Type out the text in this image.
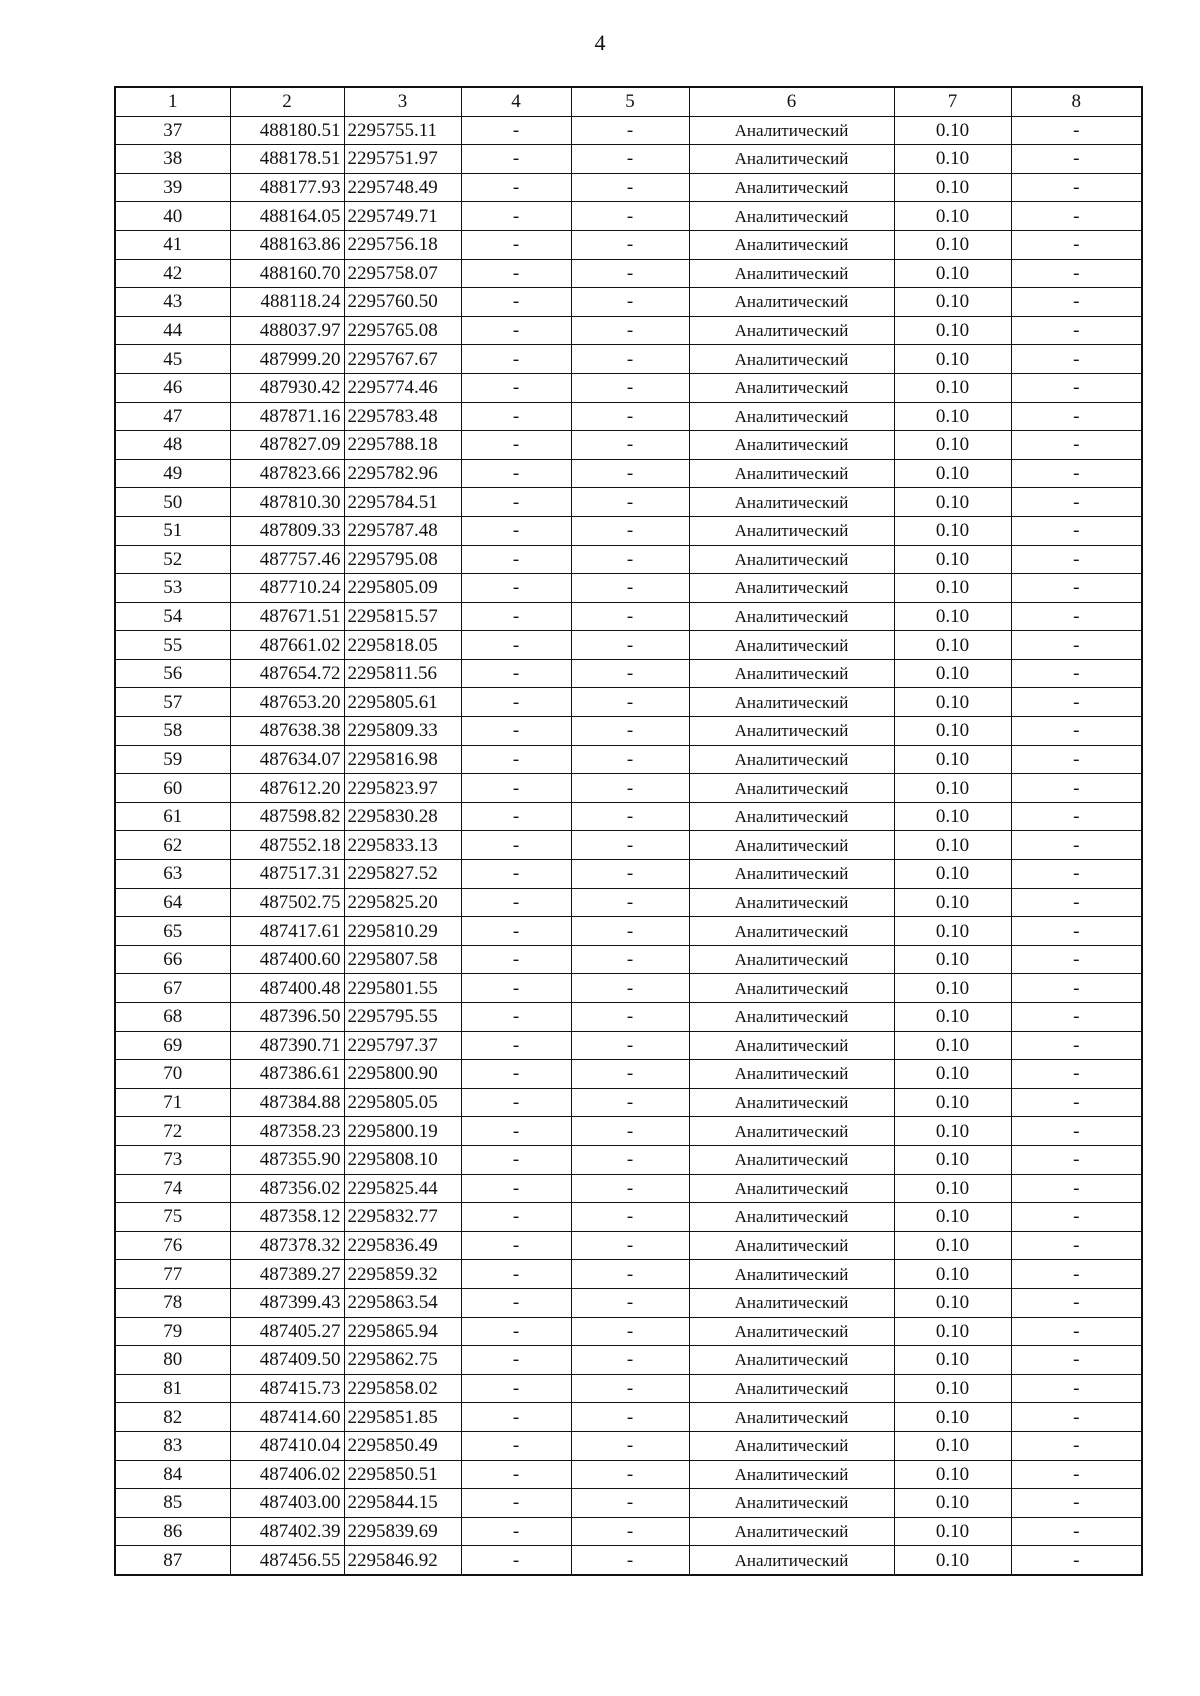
4
1	2	3	4	5	6	7	8
37	488180.51	2295755.11	-	-	Аналитический	0.10	-
38	488178.51	2295751.97	-	-	Аналитический	0.10	-
39	488177.93	2295748.49	-	-	Аналитический	0.10	-
40	488164.05	2295749.71	-	-	Аналитический	0.10	-
41	488163.86	2295756.18	-	-	Аналитический	0.10	-
42	488160.70	2295758.07	-	-	Аналитический	0.10	-
43	488118.24	2295760.50	-	-	Аналитический	0.10	-
44	488037.97	2295765.08	-	-	Аналитический	0.10	-
45	487999.20	2295767.67	-	-	Аналитический	0.10	-
46	487930.42	2295774.46	-	-	Аналитический	0.10	-
47	487871.16	2295783.48	-	-	Аналитический	0.10	-
48	487827.09	2295788.18	-	-	Аналитический	0.10	-
49	487823.66	2295782.96	-	-	Аналитический	0.10	-
50	487810.30	2295784.51	-	-	Аналитический	0.10	-
51	487809.33	2295787.48	-	-	Аналитический	0.10	-
52	487757.46	2295795.08	-	-	Аналитический	0.10	-
53	487710.24	2295805.09	-	-	Аналитический	0.10	-
54	487671.51	2295815.57	-	-	Аналитический	0.10	-
55	487661.02	2295818.05	-	-	Аналитический	0.10	-
56	487654.72	2295811.56	-	-	Аналитический	0.10	-
57	487653.20	2295805.61	-	-	Аналитический	0.10	-
58	487638.38	2295809.33	-	-	Аналитический	0.10	-
59	487634.07	2295816.98	-	-	Аналитический	0.10	-
60	487612.20	2295823.97	-	-	Аналитический	0.10	-
61	487598.82	2295830.28	-	-	Аналитический	0.10	-
62	487552.18	2295833.13	-	-	Аналитический	0.10	-
63	487517.31	2295827.52	-	-	Аналитический	0.10	-
64	487502.75	2295825.20	-	-	Аналитический	0.10	-
65	487417.61	2295810.29	-	-	Аналитический	0.10	-
66	487400.60	2295807.58	-	-	Аналитический	0.10	-
67	487400.48	2295801.55	-	-	Аналитический	0.10	-
68	487396.50	2295795.55	-	-	Аналитический	0.10	-
69	487390.71	2295797.37	-	-	Аналитический	0.10	-
70	487386.61	2295800.90	-	-	Аналитический	0.10	-
71	487384.88	2295805.05	-	-	Аналитический	0.10	-
72	487358.23	2295800.19	-	-	Аналитический	0.10	-
73	487355.90	2295808.10	-	-	Аналитический	0.10	-
74	487356.02	2295825.44	-	-	Аналитический	0.10	-
75	487358.12	2295832.77	-	-	Аналитический	0.10	-
76	487378.32	2295836.49	-	-	Аналитический	0.10	-
77	487389.27	2295859.32	-	-	Аналитический	0.10	-
78	487399.43	2295863.54	-	-	Аналитический	0.10	-
79	487405.27	2295865.94	-	-	Аналитический	0.10	-
80	487409.50	2295862.75	-	-	Аналитический	0.10	-
81	487415.73	2295858.02	-	-	Аналитический	0.10	-
82	487414.60	2295851.85	-	-	Аналитический	0.10	-
83	487410.04	2295850.49	-	-	Аналитический	0.10	-
84	487406.02	2295850.51	-	-	Аналитический	0.10	-
85	487403.00	2295844.15	-	-	Аналитический	0.10	-
86	487402.39	2295839.69	-	-	Аналитический	0.10	-
87	487456.55	2295846.92	-	-	Аналитический	0.10	-
